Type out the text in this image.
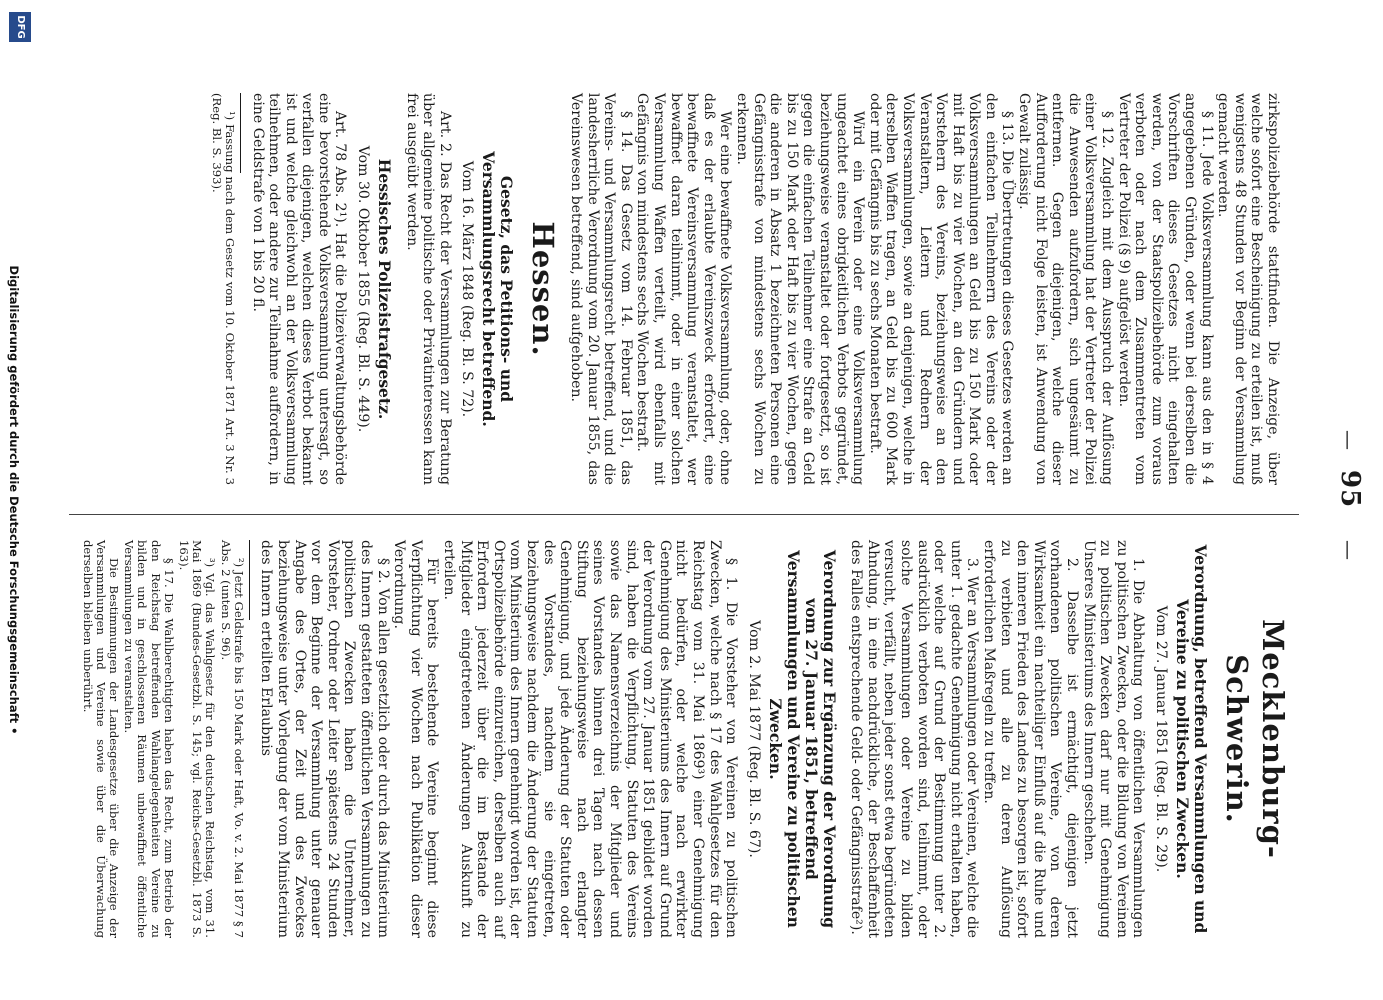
—
95
—

zirkspolizeibehörde stattfinden. Die Anzeige, über welche sofort eine Bescheinigung zu erteilen ist, muß wenigstens 48 Stunden vor Beginn der Versammlung gemacht werden.

§ 11. Jede Volksversammlung kann aus den in § 4 angegebenen Gründen, oder wenn bei derselben die Vorschriften dieses Gesetzes nicht eingehalten werden, von der Staatspolizeibehörde zum voraus verboten oder nach dem Zusammentreten vom Vertreter der Polizei (§ 9) aufgelöst werden.

§ 12. Zugleich mit dem Ausspruch der Auflösung einer Volksversammlung hat der Vertreter der Polizei die Anwesenden aufzufordern, sich ungesäumt zu entfernen. Gegen diejenigen, welche dieser Aufforderung nicht Folge leisten, ist Anwendung von Gewalt zulässig.

§ 13. Die Übertretungen dieses Gesetzes werden an den einfachen Teilnehmern des Vereins oder der Volksversammlungen an Geld bis zu 150 Mark oder mit Haft bis zu vier Wochen, an den Gründern und Vorstehern des Vereins, beziehungsweise an den Veranstaltern, Leitern und Rednern der Volksversammlungen, sowie an denjenigen, welche in derselben Waffen tragen, an Geld bis zu 600 Mark oder mit Gefängnis bis zu sechs Monaten bestraft.

Wird ein Verein oder eine Volksversammlung ungeachtet eines obrigkeitlichen Verbots gegründet, beziehungsweise veranstaltet oder fortgesetzt, so ist gegen die einfachen Teilnehmer eine Strafe an Geld bis zu 150 Mark oder Haft bis zu vier Wochen, gegen die anderen in Absatz 1 bezeichneten Personen eine Gefängnisstrafe von mindestens sechs Wochen zu erkennen.

Wer eine bewaffnete Volksversammlung, oder, ohne daß es der erlaubte Vereinszweck erfordert, eine bewaffnete Vereinsversammlung veranstaltet, wer bewaffnet daran teilnimmt, oder in einer solchen Versammlung Waffen verteilt, wird ebenfalls mit Gefängnis von mindestens sechs Wochen bestraft.

§ 14. Das Gesetz vom 14. Februar 1851, das Vereins- und Versammlungsrecht betreffend, und die landesherrliche Verordnung vom 20. Januar 1855, das Vereinswesen betreffend, sind aufgehoben.

Hessen.
Gesetz, das Petitions- und Versammlungsrecht betreffend.
Vom 16. März 1848 (Reg. Bl. S. 72).

Art. 2. Das Recht der Versammlungen zur Beratung über allgemeine politische oder Privatinteressen kann frei ausgeübt werden.

Hessisches Polizeistrafgesetz.
Vom 30. Oktober 1855 (Reg. Bl. S. 449).

Art. 78 Abs. 2¹). Hat die Polizeiverwaltungsbehörde eine bevorstehende Volksversammlung untersagt, so verfallen diejenigen, welchen dieses Verbot bekannt ist und welche gleichwohl an der Volksversammlung teilnehmen, oder andere zur Teilnahme auffordern, in eine Geldstrafe von 1 bis 20 fl.

¹) Fassung nach dem Gesetz vom 10. Oktober 1871 Art. 3 Nr. 3 (Reg. Bl. S. 393).

Mecklenburg-Schwerin.
Verordnung, betreffend Versammlungen und Vereine zu politischen Zwecken.
Vom 27. Januar 1851 (Reg. Bl. S. 29).

1. Die Abhaltung von öffentlichen Versammlungen zu politischen Zwecken, oder die Bildung von Vereinen zu politischen Zwecken darf nur mit Genehmigung Unseres Ministeriums des Innern geschehen.

2. Dasselbe ist ermächtigt, diejenigen jetzt vorhandenen politischen Vereine, von deren Wirksamkeit ein nachteiliger Einfluß auf die Ruhe und den inneren Frieden des Landes zu besorgen ist, sofort zu verbieten und alle zu deren Auflösung erforderlichen Maßregeln zu treffen.

3. Wer an Versammlungen oder Vereinen, welche die unter 1. gedachte Genehmigung nicht erhalten haben, oder welche auf Grund der Bestimmung unter 2. ausdrücklich verboten worden sind, teilnimmt, oder solche Versammlungen oder Vereine zu bilden versucht, verfällt, neben jeder sonst etwa begründeten Ahndung, in eine nachdrückliche, der Beschaffenheit des Falles entsprechende Geld- oder Gefängnisstrafe²).

Verordnung zur Ergänzung der Verordnung vom 27. Januar 1851, betreffend Versammlungen und Vereine zu politischen Zwecken.
Vom 2. Mai 1877 (Reg. Bl. S. 67).

§ 1. Die Vorsteher von Vereinen zu politischen Zwecken, welche nach § 17 des Wahlgesetzes für den Reichstag vom 31. Mai 1869³) einer Genehmigung nicht bedürfen, oder welche nach erwirkter Genehmigung des Ministeriums des Innern auf Grund der Verordnung vom 27. Januar 1851 gebildet worden sind, haben die Verpflichtung, Statuten des Vereins sowie das Namensverzeichnis der Mitglieder und seines Vorstandes binnen drei Tagen nach dessen Stiftung beziehungsweise nach erlangter Genehmigung, und jede Änderung der Statuten oder des Vorstandes, nachdem sie eingetreten, beziehungsweise nachdem die Änderung der Statuten vom Ministerium des Innern genehmigt worden ist, der Ortspolizeibehörde einzureichen, derselben auch auf Erfordern jederzeit über die im Bestande der Mitglieder eingetretenen Änderungen Auskunft zu erteilen.

Für bereits bestehende Vereine beginnt diese Verpflichtung vier Wochen nach Publikation dieser Verordnung.

§ 2. Von allen gesetzlich oder durch das Ministerium des Innern gestatteten öffentlichen Versammlungen zu politischen Zwecken haben die Unternehmer, Vorsteher, Ordner oder Leiter spätestens 24 Stunden vor dem Beginne der Versammlung unter genauer Angabe des Ortes, der Zeit und des Zweckes beziehungsweise unter Vorlegung der vom Ministerium des Innern erteilten Erlaubnis

²) Jetzt Geldstrafe bis 150 Mark oder Haft, Vo. v. 2. Mai 1877 § 7 Abs. 2 (unten S. 96).

³) Vgl. das Wahlgesetz für den deutschen Reichstag, vom 31. Mai 1869 (Bundes-Gesetzbl. S. 145; vgl. Reichs-Gesetzbl. 1873 S. 163).

§ 17. Die Wahlberechtigten haben das Recht, zum Betrieb der den Reichstag betreffenden Wahlangelegenheiten Vereine zu bilden und in geschlossenen Räumen unbewaffnet öffentliche Versammlungen zu veranstalten.

Die Bestimmungen der Landesgesetze über die Anzeige der Versammlungen und Vereine sowie über die Überwachung derselben bleiben unberührt.

Digitalisierung gefördert durch die Deutsche Forschungsgemeinschaft •
DFG
